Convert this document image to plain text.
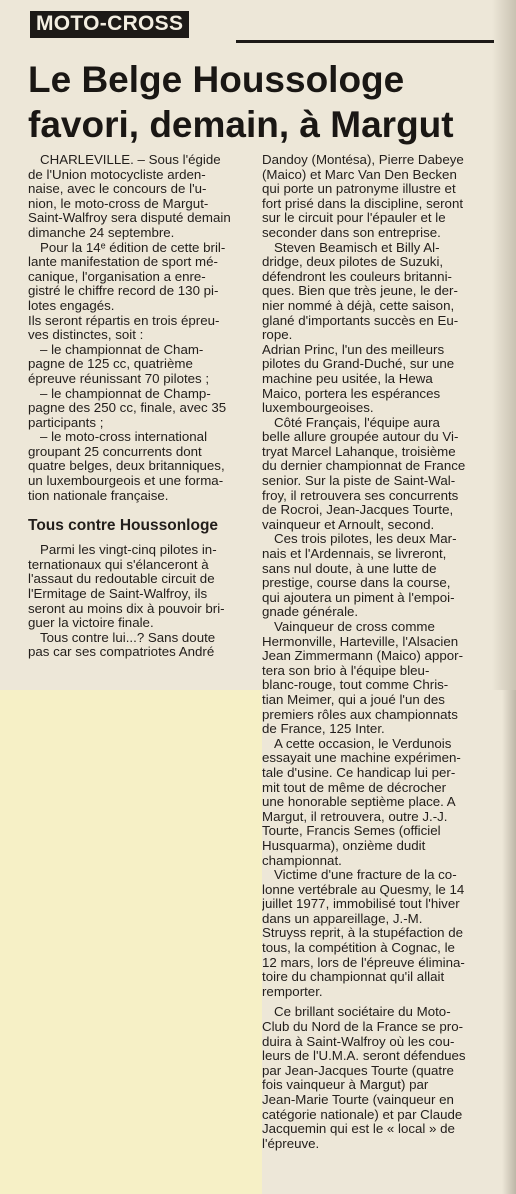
MOTO-CROSS
Le Belge Houssologe
favori, demain, à Margut

CHARLEVILLE. – Sous l'égide
de l'Union motocycliste arden-
naise, avec le concours de l'u-
nion, le moto-cross de Margut-
Saint-Walfroy sera disputé demain
dimanche 24 septembre.

Pour la 14ᵉ édition de cette bril-
lante manifestation de sport mé-
canique, l'organisation a enre-
gistré le chiffre record de 130 pi-
lotes engagés.

Ils seront répartis en trois épreu-
ves distinctes, soit :

– le championnat de Cham-
pagne de 125 cc, quatrième
épreuve réunissant 70 pilotes ;

– le championnat de Champ-
pagne des 250 cc, finale, avec 35
participants ;

– le moto-cross international
groupant 25 concurrents dont
quatre belges, deux britanniques,
un luxembourgeois et une forma-
tion nationale française.

Tous contre Houssonloge

Parmi les vingt-cinq pilotes in-
ternationaux qui s'élanceront à
l'assaut du redoutable circuit de
l'Ermitage de Saint-Walfroy, ils
seront au moins dix à pouvoir bri-
guer la victoire finale.

Tous contre lui...? Sans doute
pas car ses compatriotes André

Dandoy (Montésa), Pierre Dabeye
(Maico) et Marc Van Den Becken
qui porte un patronyme illustre et
fort prisé dans la discipline, seront
sur le circuit pour l'épauler et le
seconder dans son entreprise.

Steven Beamisch et Billy Al-
dridge, deux pilotes de Suzuki,
défendront les couleurs britanni-
ques. Bien que très jeune, le der-
nier nommé à déjà, cette saison,
glané d'importants succès en Eu-
rope.

Adrian Princ, l'un des meilleurs
pilotes du Grand-Duché, sur une
machine peu usitée, la Hewa
Maico, portera les espérances
luxembourgeoises.

Côté Français, l'équipe aura
belle allure groupée autour du Vi-
tryat Marcel Lahanque, troisième
du dernier championnat de France
senior. Sur la piste de Saint-Wal-
froy, il retrouvera ses concurrents
de Rocroi, Jean-Jacques Tourte,
vainqueur et Arnoult, second.

Ces trois pilotes, les deux Mar-
nais et l'Ardennais, se livreront,
sans nul doute, à une lutte de
prestige, course dans la course,
qui ajoutera un piment à l'empoi-
gnade générale.

Vainqueur de cross comme
Hermonville, Harteville, l'Alsacien
Jean Zimmermann (Maico) appor-
tera son brio à l'équipe bleu-
blanc-rouge, tout comme Chris-
tian Meimer, qui a joué l'un des
premiers rôles aux championnats
de France, 125 Inter.

A cette occasion, le Verdunois
essayait une machine expérimen-
tale d'usine. Ce handicap lui per-
mit tout de même de décrocher
une honorable septième place. A
Margut, il retrouvera, outre J.-J.
Tourte, Francis Semes (officiel
Husquarma), onzième dudit
championnat.

Victime d'une fracture de la co-
lonne vertébrale au Quesmy, le 14
juillet 1977, immobilisé tout l'hiver
dans un appareillage, J.-M.
Struyss reprit, à la stupéfaction de
tous, la compétition à Cognac, le
12 mars, lors de l'épreuve élimina-
toire du championnat qu'il allait
remporter.

Ce brillant sociétaire du Moto-
Club du Nord de la France se pro-
duira à Saint-Walfroy où les cou-
leurs de l'U.M.A. seront défendues
par Jean-Jacques Tourte (quatre
fois vainqueur à Margut) par
Jean-Marie Tourte (vainqueur en
catégorie nationale) et par Claude
Jacquemin qui est le « local » de
l'épreuve.
